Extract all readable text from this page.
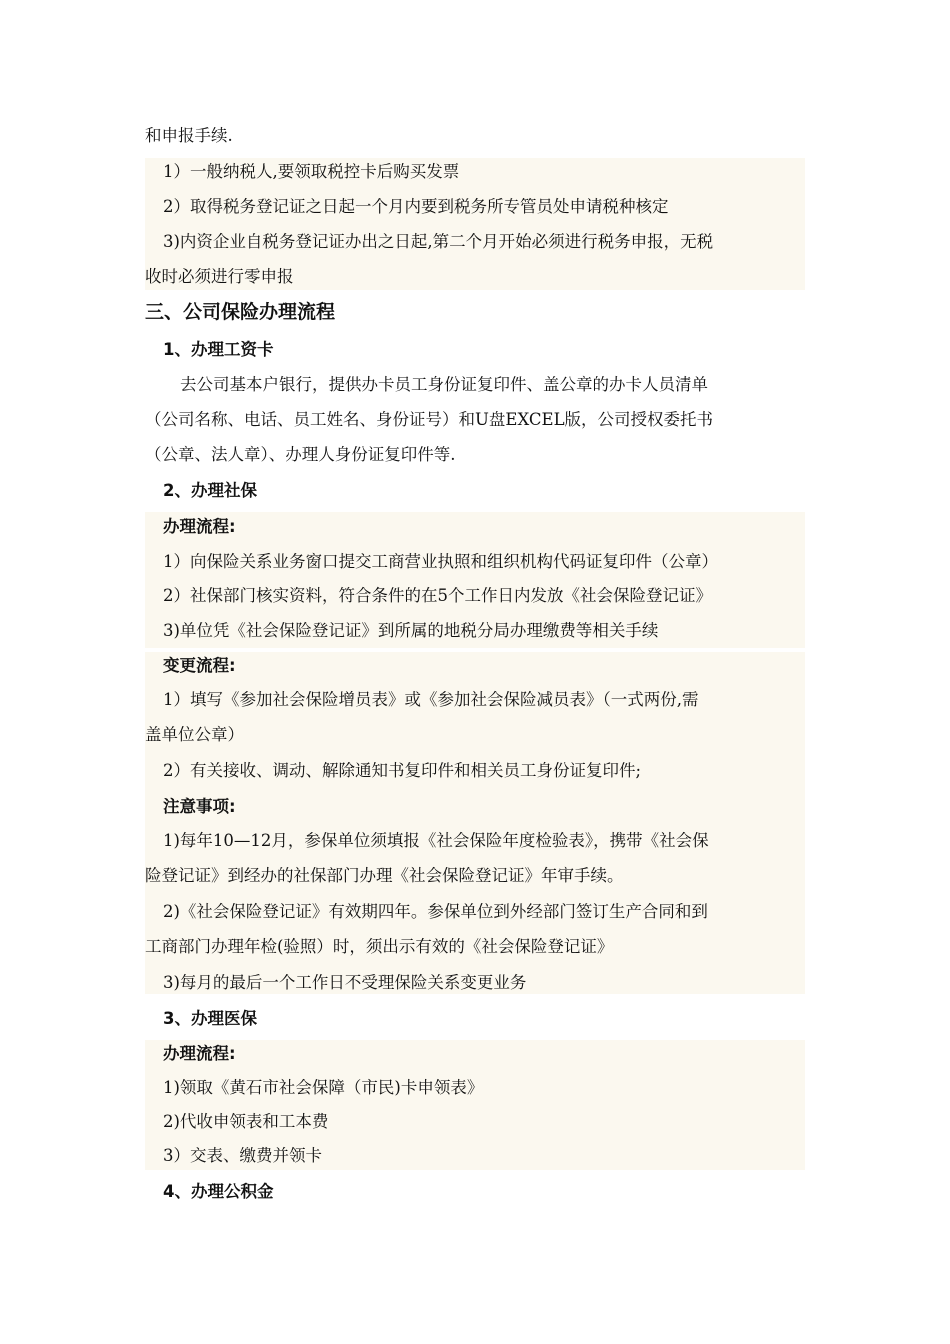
和申报手续.
1）一般纳税人,要领取税控卡后购买发票
2）取得税务登记证之日起一个月内要到税务所专管员处申请税种核定
3)内资企业自税务登记证办出之日起,第二个月开始必须进行税务申报，无税
收时必须进行零申报
三、公司保险办理流程
1、办理工资卡
去公司基本户银行，提供办卡员工身份证复印件、盖公章的办卡人员清单
（公司名称、电话、员工姓名、身份证号）和U盘EXCEL版，公司授权委托书
（公章、法人章）、办理人身份证复印件等.
2、办理社保
办理流程:
1）向保险关系业务窗口提交工商营业执照和组织机构代码证复印件（公章）
2）社保部门核实资料，符合条件的在5个工作日内发放《社会保险登记证》
3)单位凭《社会保险登记证》到所属的地税分局办理缴费等相关手续
变更流程:
1）填写《参加社会保险增员表》或《参加社会保险减员表》（一式两份,需
盖单位公章）
2）有关接收、调动、解除通知书复印件和相关员工身份证复印件;
注意事项:
1)每年10—12月，参保单位须填报《社会保险年度检验表》，携带《社会保
险登记证》到经办的社保部门办理《社会保险登记证》年审手续。
2)《社会保险登记证》有效期四年。参保单位到外经部门签订生产合同和到
工商部门办理年检(验照）时，须出示有效的《社会保险登记证》
3)每月的最后一个工作日不受理保险关系变更业务
3、办理医保
办理流程:
1)领取《黄石市社会保障（市民)卡申领表》
2)代收申领表和工本费
3）交表、缴费并领卡
4、办理公积金
